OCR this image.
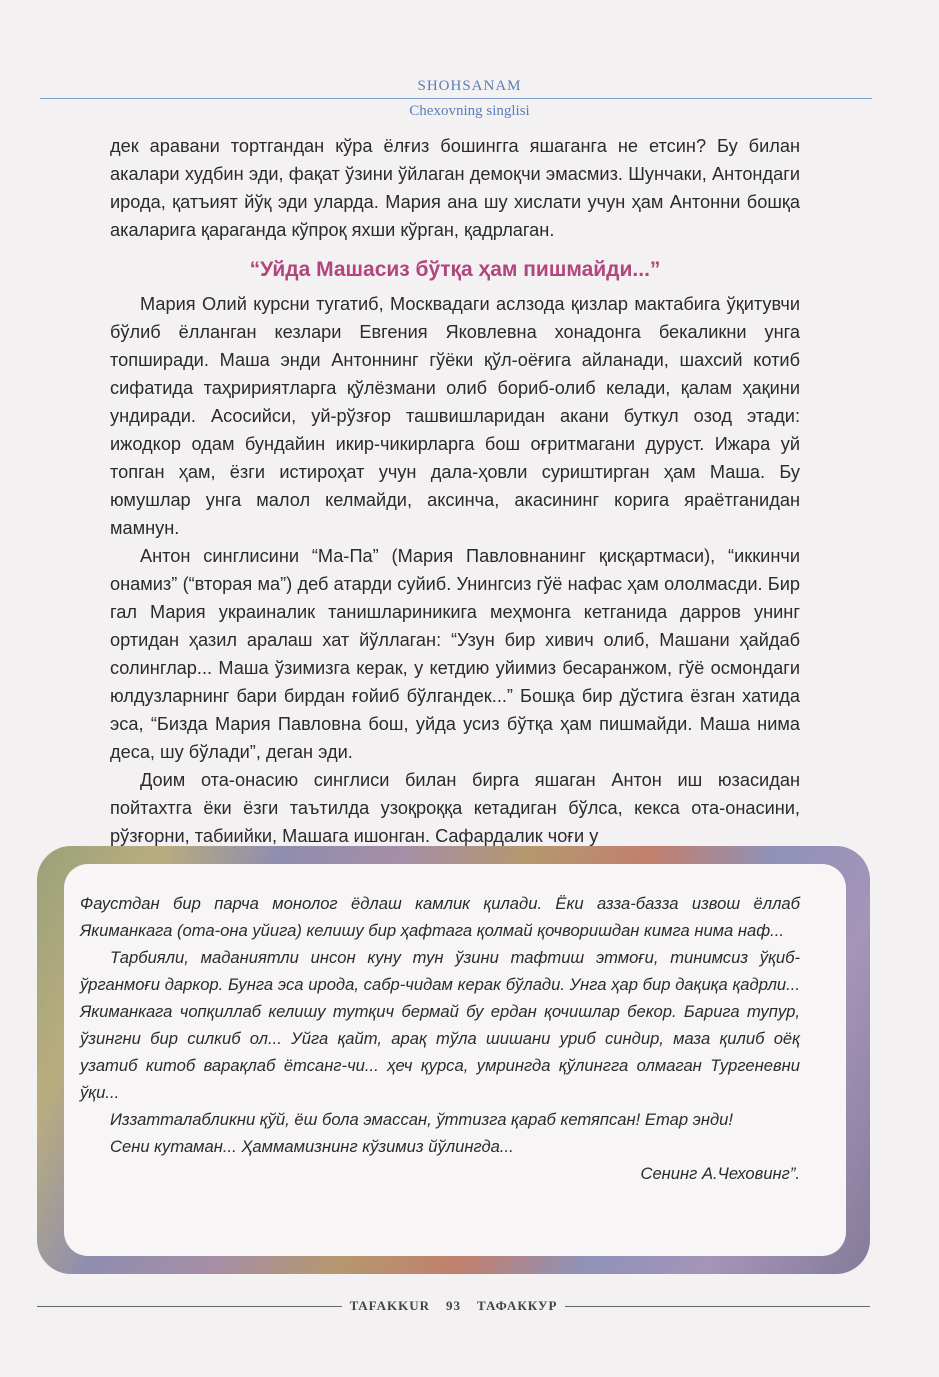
SHOHSANAM
Chexovning singlisi

дек аравани тортгандан кўра ёлғиз бошингга яшаганга не етсин? Бу билан акалари худбин эди, фақат ўзини ўйлаган демоқчи эмасмиз. Шунчаки, Антондаги ирода, қатъият йўқ эди уларда. Мария ана шу хислати учун ҳам Антонни бошқа акаларига қараганда кўпроқ яхши кўрган, қадрлаган.

“Уйда Машасиз бўтқа ҳам пишмайди...”

Мария Олий курсни тугатиб, Москвадаги аслзода қизлар мактабига ўқитувчи бўлиб ёлланган кезлари Евгения Яковлевна хонадонга бекаликни унга топширади. Маша энди Антоннинг гўёки қўл-оёғига айланади, шахсий котиб сифатида таҳририятларга қўлёзмани олиб бориб-олиб келади, қалам ҳақини ундиради. Асосийси, уй-рўзғор ташвишларидан акани буткул озод этади: ижодкор одам бундайин икир-чикирларга бош оғритмагани дуруст. Ижара уй топган ҳам, ёзги истироҳат учун дала-ҳовли суриштирган ҳам Маша. Бу юмушлар унга малол келмайди, аксинча, акасининг корига яраётганидан мамнун.

Антон синглисини “Ма-Па” (Мария Павловнанинг қисқартмаси), “иккинчи онамиз” (“вторая ма”) деб атарди суйиб. Унингсиз гўё нафас ҳам ололмасди. Бир гал Мария украиналик танишлариникига меҳмонга кетганида дарров унинг ортидан ҳазил аралаш хат йўллаган: “Узун бир хивич олиб, Машани ҳайдаб солинглар... Маша ўзимизга керак, у кетдию уйимиз бесаранжом, гўё осмондаги юлдузларнинг бари бирдан ғойиб бўлгандек...” Бошқа бир дўстига ёзган хатида эса, “Бизда Мария Павловна бош, уйда усиз бўтқа ҳам пишмайди. Маша нима деса, шу бўлади”, деган эди.

Доим ота-онасию синглиси билан бирга яшаган Антон иш юзасидан пойтахтга ёки ёзги таътилда узоқроққа кетадиган бўлса, кекса ота-онасини, рўзғорни, табиийки, Машага ишонган. Сафардалик чоғи у

Фаустдан бир парча монолог ёдлаш камлик қилади. Ёки азза-базза извош ёллаб Якиманкага (ота-она уйига) келишу бир ҳафтага қолмай қочворишдан кимга нима наф...

Тарбияли, маданиятли инсон куну тун ўзини тафтиш этмоғи, тинимсиз ўқиб-ўрганмоғи даркор. Бунга эса ирода, сабр-чидам керак бўлади. Унга ҳар бир дақиқа қадрли... Якиманкага чопқиллаб келишу тутқич бермай бу ердан қочишлар бекор. Барига тупур, ўзингни бир силкиб ол... Уйга қайт, арақ тўла шишани уриб синдир, маза қилиб оёқ узатиб китоб варақлаб ётсанг-чи... ҳеч қурса, умрингда қўлингга олмаган Тургеневни ўқи...

Иззатталабликни қўй, ёш бола эмассан, ўттизга қараб кетяпсан! Етар энди!

Сени кутаман... Ҳаммамизнинг кўзимиз йўлингда...

Сенинг А.Чеховинг”.

TAFAKKUR	93	ТАФАККУР
